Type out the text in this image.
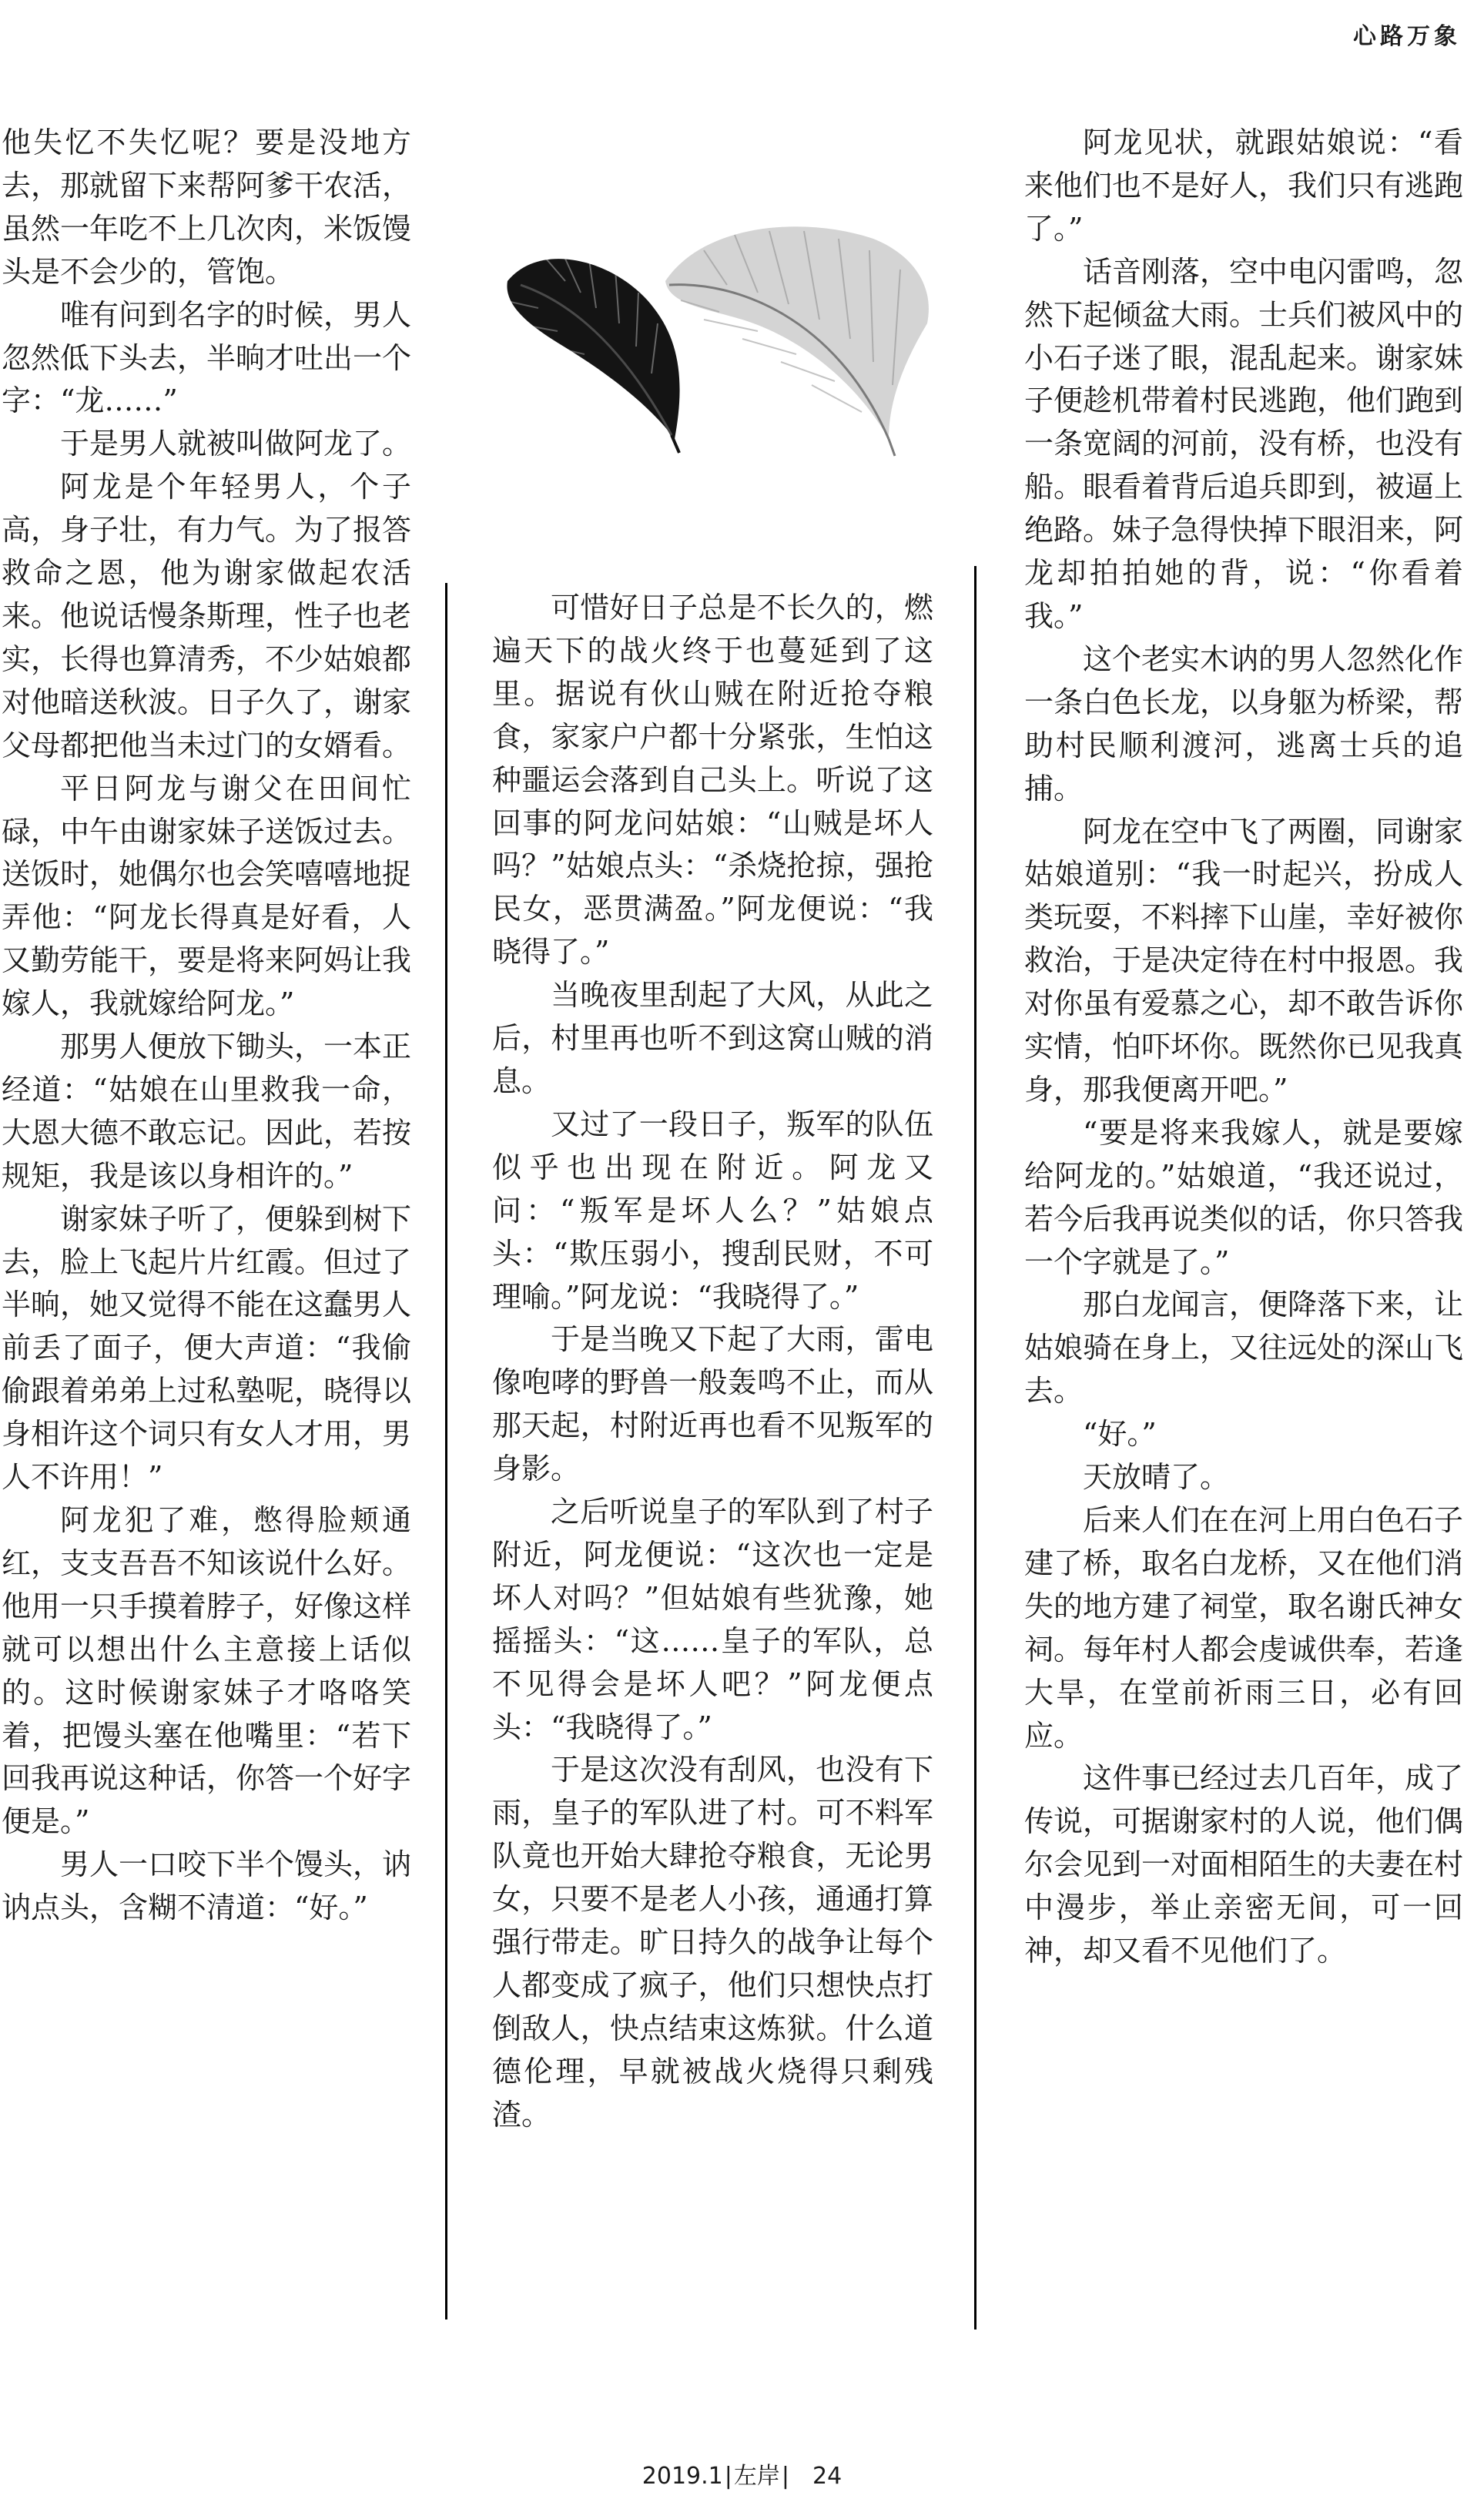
心路万象

他失忆不失忆呢？要是没地方去，那就留下来帮阿爹干农活，虽然一年吃不上几次肉，米饭馒头是不会少的，管饱。

唯有问到名字的时候，男人忽然低下头去，半晌才吐出一个字：“龙……”

于是男人就被叫做阿龙了。

阿龙是个年轻男人，个子高，身子壮，有力气。为了报答救命之恩，他为谢家做起农活来。他说话慢条斯理，性子也老实，长得也算清秀，不少姑娘都对他暗送秋波。日子久了，谢家父母都把他当未过门的女婿看。

平日阿龙与谢父在田间忙碌，中午由谢家妹子送饭过去。送饭时，她偶尔也会笑嘻嘻地捉弄他：“阿龙长得真是好看，人又勤劳能干，要是将来阿妈让我嫁人，我就嫁给阿龙。”

那男人便放下锄头，一本正经道：“姑娘在山里救我一命，大恩大德不敢忘记。因此，若按规矩，我是该以身相许的。”

谢家妹子听了，便躲到树下去，脸上飞起片片红霞。但过了半晌，她又觉得不能在这蠢男人前丢了面子，便大声道：“我偷偷跟着弟弟上过私塾呢，晓得以身相许这个词只有女人才用，男人不许用！”

阿龙犯了难，憋得脸颊通红，支支吾吾不知该说什么好。他用一只手摸着脖子，好像这样就可以想出什么主意接上话似的。这时候谢家妹子才咯咯笑着，把馒头塞在他嘴里：“若下回我再说这种话，你答一个好字便是。”

男人一口咬下半个馒头，讷讷点头，含糊不清道：“好。”

可惜好日子总是不长久的，燃遍天下的战火终于也蔓延到了这里。据说有伙山贼在附近抢夺粮食，家家户户都十分紧张，生怕这种噩运会落到自己头上。听说了这回事的阿龙问姑娘：“山贼是坏人吗？”姑娘点头：“杀烧抢掠，强抢民女，恶贯满盈。”阿龙便说：“我晓得了。”

当晚夜里刮起了大风，从此之后，村里再也听不到这窝山贼的消息。

又过了一段日子，叛军的队伍似乎也出现在附近。阿龙又问：“叛军是坏人么？”姑娘点头：“欺压弱小，搜刮民财，不可理喻。”阿龙说：“我晓得了。”

于是当晚又下起了大雨，雷电像咆哮的野兽一般轰鸣不止，而从那天起，村附近再也看不见叛军的身影。

之后听说皇子的军队到了村子附近，阿龙便说：“这次也一定是坏人对吗？”但姑娘有些犹豫，她摇摇头：“这……皇子的军队，总不见得会是坏人吧？”阿龙便点头：“我晓得了。”

于是这次没有刮风，也没有下雨，皇子的军队进了村。可不料军队竟也开始大肆抢夺粮食，无论男女，只要不是老人小孩，通通打算强行带走。旷日持久的战争让每个人都变成了疯子，他们只想快点打倒敌人，快点结束这炼狱。什么道德伦理，早就被战火烧得只剩残渣。

阿龙见状，就跟姑娘说：“看来他们也不是好人，我们只有逃跑了。”

话音刚落，空中电闪雷鸣，忽然下起倾盆大雨。士兵们被风中的小石子迷了眼，混乱起来。谢家妹子便趁机带着村民逃跑，他们跑到一条宽阔的河前，没有桥，也没有船。眼看着背后追兵即到，被逼上绝路。妹子急得快掉下眼泪来，阿龙却拍拍她的背，说：“你看着我。”

这个老实木讷的男人忽然化作一条白色长龙，以身躯为桥梁，帮助村民顺利渡河，逃离士兵的追捕。

阿龙在空中飞了两圈，同谢家姑娘道别：“我一时起兴，扮成人类玩耍，不料摔下山崖，幸好被你救治，于是决定待在村中报恩。我对你虽有爱慕之心，却不敢告诉你实情，怕吓坏你。既然你已见我真身，那我便离开吧。”

“要是将来我嫁人，就是要嫁给阿龙的。”姑娘道，“我还说过，若今后我再说类似的话，你只答我一个字就是了。”

那白龙闻言，便降落下来，让姑娘骑在身上，又往远处的深山飞去。

“好。”

天放晴了。

后来人们在在河上用白色石子建了桥，取名白龙桥，又在他们消失的地方建了祠堂，取名谢氏神女祠。每年村人都会虔诚供奉，若逢大旱，在堂前祈雨三日，必有回应。

这件事已经过去几百年，成了传说，可据谢家村的人说，他们偶尔会见到一对面相陌生的夫妻在村中漫步，举止亲密无间，可一回神，却又看不见他们了。

2019.1|左岸| 24
